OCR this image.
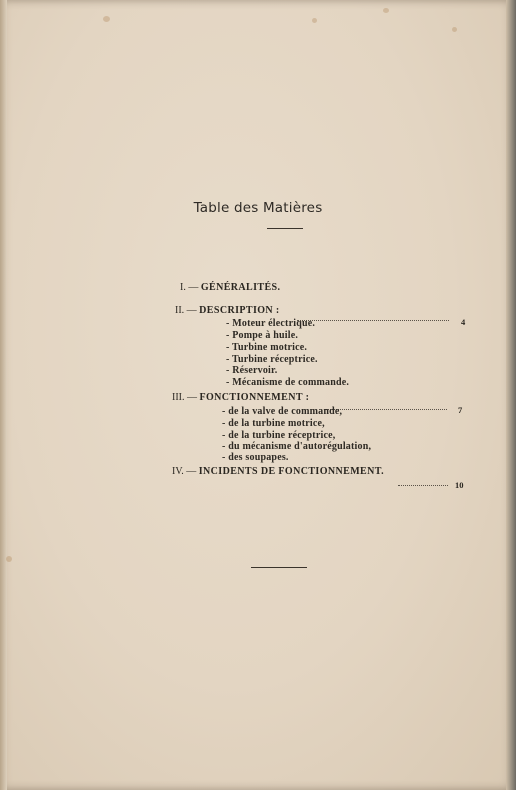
Table des Matières
I. — GÉNÉRALITÉS.
II. — DESCRIPTION :
4
- Moteur électrique.
- Pompe à huile.
- Turbine motrice.
- Turbine réceptrice.
- Réservoir.
- Mécanisme de commande.
III. — FONCTIONNEMENT :
7
- de la valve de commande,
- de la turbine motrice,
- de la turbine réceptrice,
- du mécanisme d'autorégulation,
- des soupapes.
IV. — INCIDENTS DE FONCTIONNEMENT.
10
